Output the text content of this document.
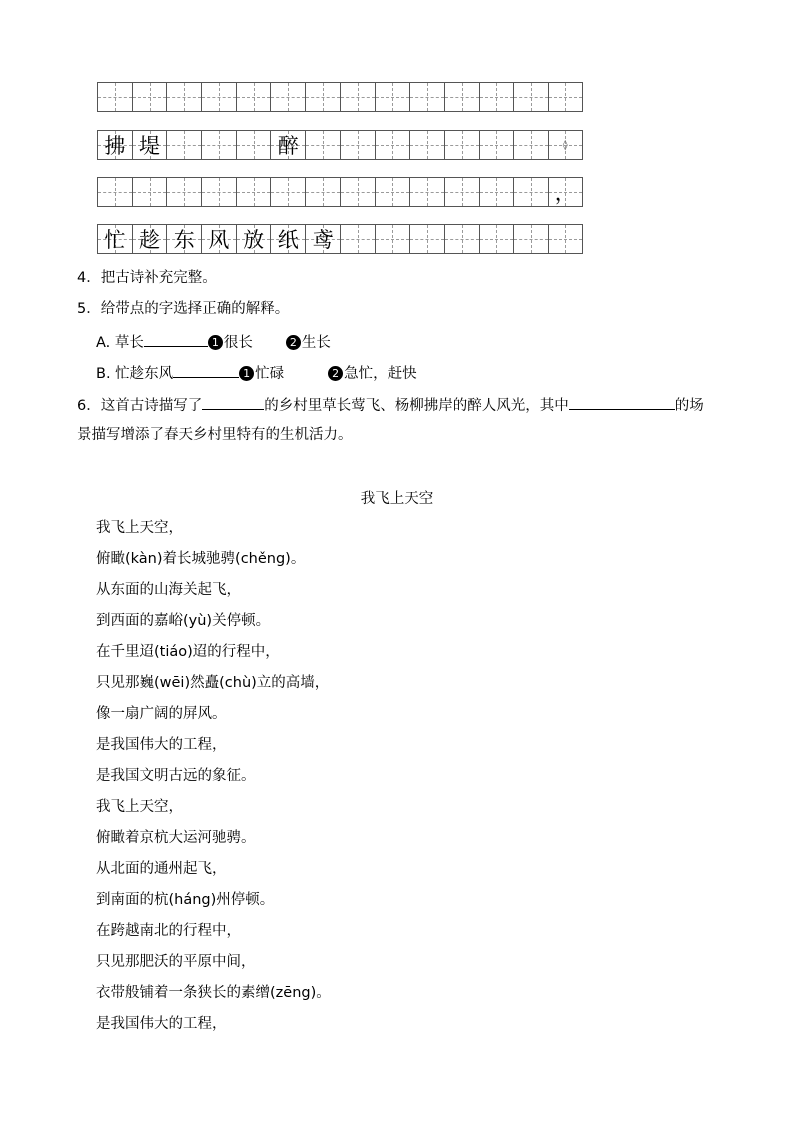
拂 堤	醉	◊
，
忙 趁 东 风 放 纸 鸢
4．把古诗补充完整。
5．给带点的字选择正确的解释。
A. 草长	1 很长	2 生长
B. 忙趁东风	1 忙碌	2 急忙，赶快
6．这首古诗描写了	的乡村里草长莺飞、杨柳拂岸的醉人风光，其中	的场
景描写增添了春天乡村里特有的生机活力。
我飞上天空
我飞上天空，
俯瞰(kàn)着长城驰骋(chěng)。
从东面的山海关起飞，
到西面的嘉峪(yù)关停顿。
在千里迢(tiáo)迢的行程中，
只见那巍(wēi)然矗(chù)立的高墙，
像一扇广阔的屏风。
是我国伟大的工程，
是我国文明古远的象征。
我飞上天空，
俯瞰着京杭大运河驰骋。
从北面的通州起飞，
到南面的杭(háng)州停顿。
在跨越南北的行程中，
只见那肥沃的平原中间，
衣带般铺着一条狭长的素缯(zēng)。
是我国伟大的工程，
